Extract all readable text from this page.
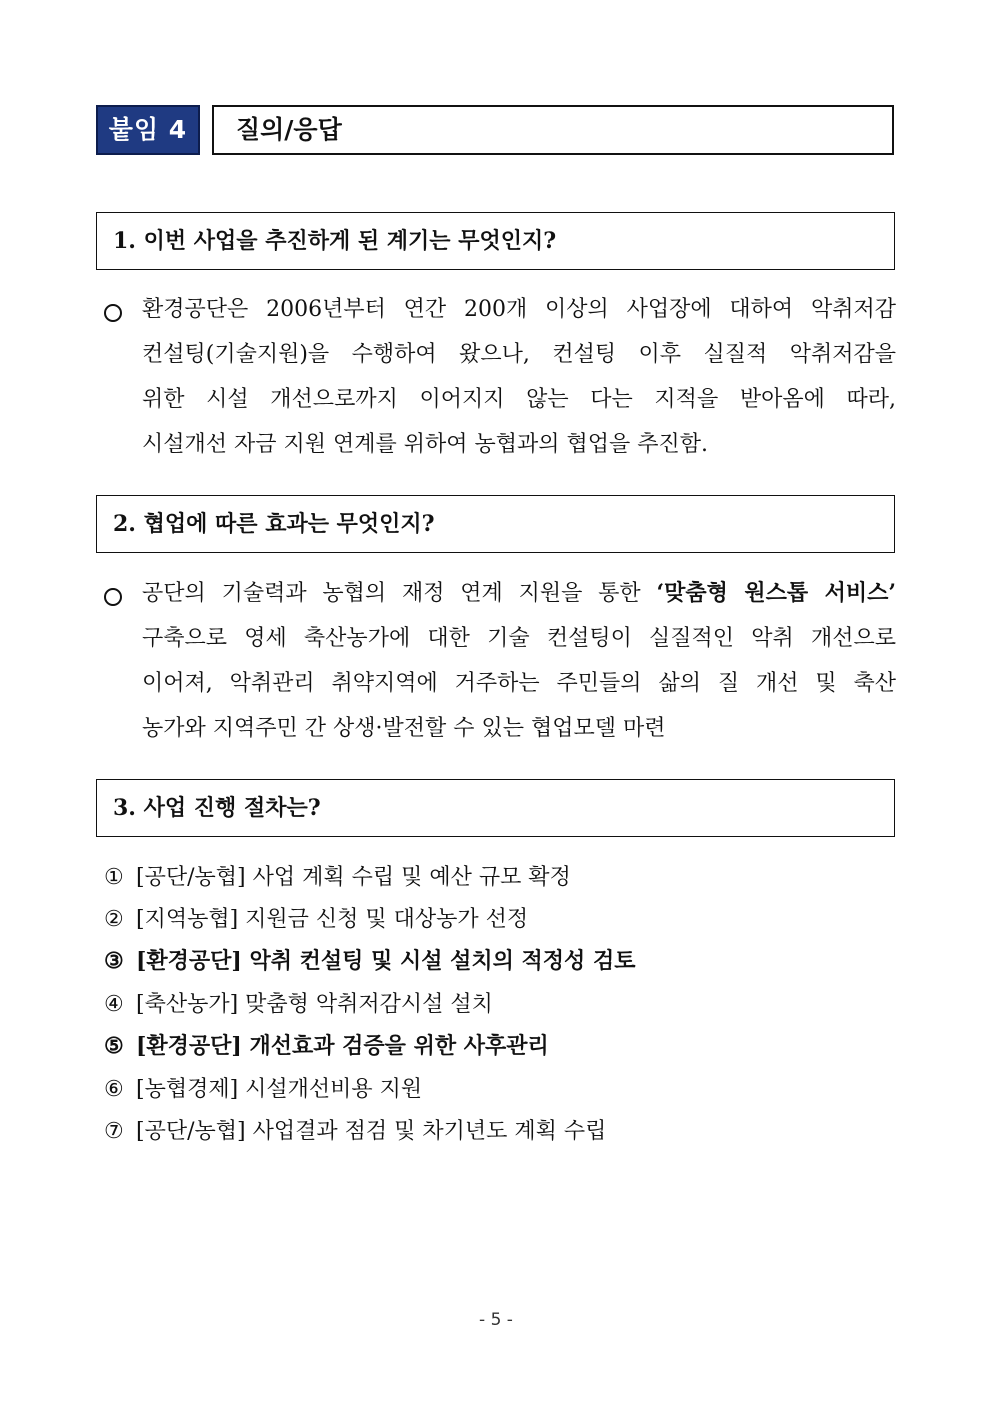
붙임 4	질의/응답
1. 이번 사업을 추진하게 된 계기는 무엇인지?
환경공단은 2006년부터 연간 200개 이상의 사업장에 대하여 악취저감
컨설팅(기술지원)을 수행하여 왔으나, 컨설팅 이후 실질적 악취저감을
위한 시설 개선으로까지 이어지지 않는 다는 지적을 받아옴에 따라,
시설개선 자금 지원 연계를 위하여 농협과의 협업을 추진함.
2. 협업에 따른 효과는 무엇인지?
공단의 기술력과 농협의 재정 연계 지원을 통한 ‘맞춤형 원스톱 서비스’
구축으로 영세 축산농가에 대한 기술 컨설팅이 실질적인 악취 개선으로
이어져, 악취관리 취약지역에 거주하는 주민들의 삶의 질 개선 및 축산
농가와 지역주민 간 상생·발전할 수 있는 협업모델 마련
3. 사업 진행 절차는?
① [공단/농협] 사업 계획 수립 및 예산 규모 확정
② [지역농협] 지원금 신청 및 대상농가 선정
③ [환경공단] 악취 컨설팅 및 시설 설치의 적정성 검토
④ [축산농가] 맞춤형 악취저감시설 설치
⑤ [환경공단] 개선효과 검증을 위한 사후관리
⑥ [농협경제] 시설개선비용 지원
⑦ [공단/농협] 사업결과 점검 및 차기년도 계획 수립
- 5 -
